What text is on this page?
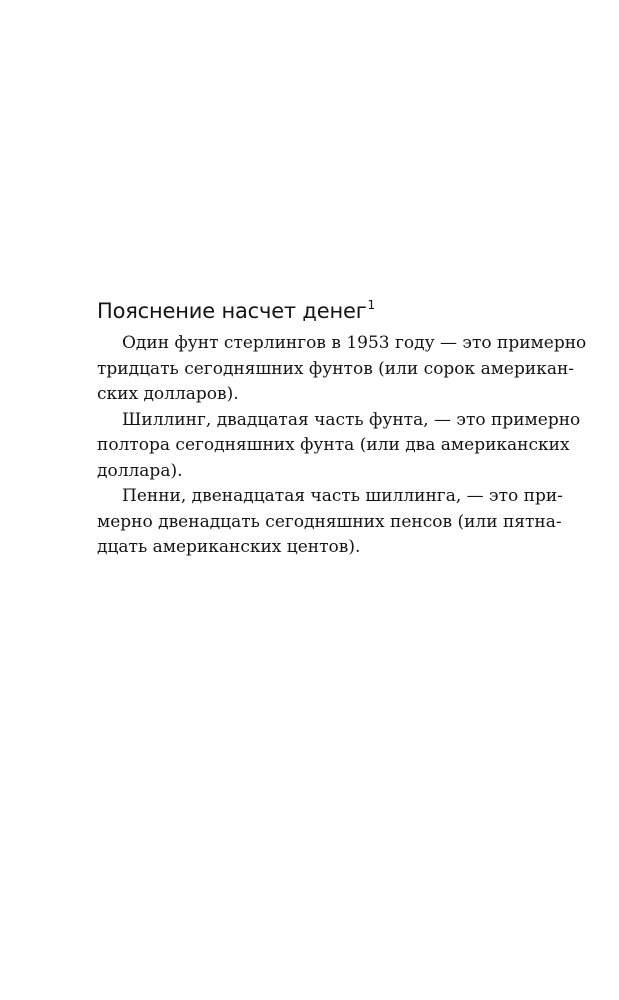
Пояснение насчет денег$^1$
Один фунт стерлингов в 1953 году — это примерно
тридцать сегодняшних фунтов (или сорок американ-
ских долларов).
Шиллинг, двадцатая часть фунта, — это примерно
полтора сегодняшних фунта (или два американских
доллара).
Пенни, двенадцатая часть шиллинга, — это при-
мерно двенадцать сегодняшних пенсов (или пятна-
дцать американских центов).
